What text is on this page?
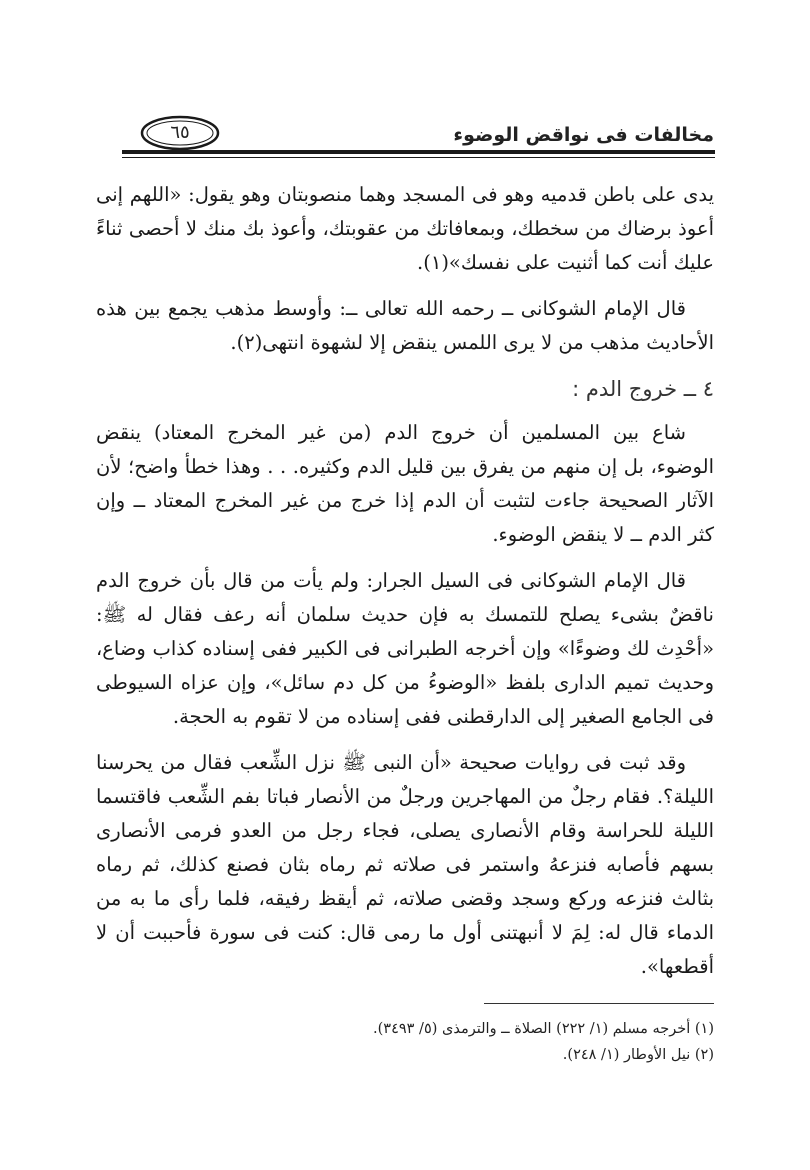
مخالفات فى نواقض الوضوء
٦٥

يدى على باطن قدميه وهو فى المسجد وهما منصوبتان وهو يقول: «اللهم إنى أعوذ برضاك من سخطك، وبمعافاتك من عقوبتك، وأعوذ بك منك لا أحصى ثناءً عليك أنت كما أثنيت على نفسك»(١).

قال الإمام الشوكانى ــ رحمه الله تعالى ــ: وأوسط مذهب يجمع بين هذه الأحاديث مذهب من لا يرى اللمس ينقض إلا لشهوة انتهى(٢).

٤ ــ خروج الدم :

شاع بين المسلمين أن خروج الدم (من غير المخرج المعتاد) ينقض الوضوء، بل إن منهم من يفرق بين قليل الدم وكثيره. . . وهذا خطأ واضح؛ لأن الآثار الصحيحة جاءت لتثبت أن الدم إذا خرج من غير المخرج المعتاد ــ وإن كثر الدم ــ لا ينقض الوضوء.

قال الإمام الشوكانى فى السيل الجرار: ولم يأت من قال بأن خروج الدم ناقضٌ بشىء يصلح للتمسك به فإن حديث سلمان أنه رعف فقال له ﷺ: «أحْدِث لك وضوءًا» وإن أخرجه الطبرانى فى الكبير ففى إسناده كذاب وضاع، وحديث تميم الدارى بلفظ «الوضوءُ من كل دم سائل»، وإن عزاه السيوطى فى الجامع الصغير إلى الدارقطنى ففى إسناده من لا تقوم به الحجة.

وقد ثبت فى روايات صحيحة «أن النبى ﷺ نزل الشِّعب فقال من يحرسنا الليلة؟. فقام رجلٌ من المهاجرين ورجلٌ من الأنصار فباتا بفم الشِّعب فاقتسما الليلة للحراسة وقام الأنصارى يصلى، فجاء رجل من العدو فرمى الأنصارى بسهم فأصابه فنزعهُ واستمر فى صلاته ثم رماه بثان فصنع كذلك، ثم رماه بثالث فنزعه وركع وسجد وقضى صلاته، ثم أيقظ رفيقه، فلما رأى ما به من الدماء قال له: لِمَ لا أنبهتنى أول ما رمى قال: كنت فى سورة فأحببت أن لا أقطعها».

(١) أخرجه مسلم (١/ ٢٢٢) الصلاة ــ والترمذى (٥/ ٣٤٩٣).
(٢) نيل الأوطار (١/ ٢٤٨).
